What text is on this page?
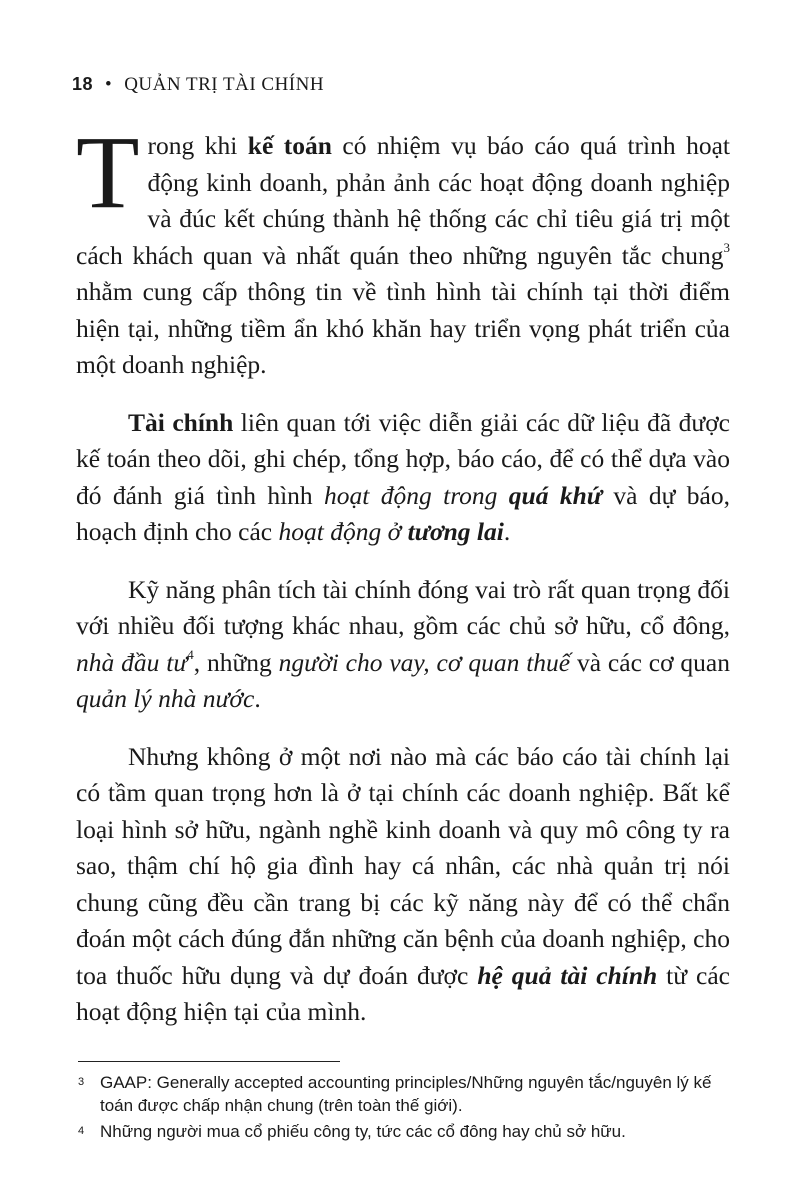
18 • QUẢN TRỊ TÀI CHÍNH

Trong khi kế toán có nhiệm vụ báo cáo quá trình hoạt động kinh doanh, phản ảnh các hoạt động doanh nghiệp và đúc kết chúng thành hệ thống các chỉ tiêu giá trị một cách khách quan và nhất quán theo những nguyên tắc chung$^3$ nhằm cung cấp thông tin về tình hình tài chính tại thời điểm hiện tại, những tiềm ẩn khó khăn hay triển vọng phát triển của một doanh nghiệp.

Tài chính liên quan tới việc diễn giải các dữ liệu đã được kế toán theo dõi, ghi chép, tổng hợp, báo cáo, để có thể dựa vào đó đánh giá tình hình hoạt động trong quá khứ và dự báo, hoạch định cho các hoạt động ở tương lai.

Kỹ năng phân tích tài chính đóng vai trò rất quan trọng đối với nhiều đối tượng khác nhau, gồm các chủ sở hữu, cổ đông, nhà đầu $tư^4$, những người cho vay, cơ quan thuế và các cơ quan quản lý nhà nước.

Nhưng không ở một nơi nào mà các báo cáo tài chính lại có tầm quan trọng hơn là ở tại chính các doanh nghiệp. Bất kể loại hình sở hữu, ngành nghề kinh doanh và quy mô công ty ra sao, thậm chí hộ gia đình hay cá nhân, các nhà quản trị nói chung cũng đều cần trang bị các kỹ năng này để có thể chẩn đoán một cách đúng đắn những căn bệnh của doanh nghiệp, cho toa thuốc hữu dụng và dự đoán được hệ quả tài chính từ các hoạt động hiện tại của mình.

3 GAAP: Generally accepted accounting principles/Những nguyên tắc/nguyên lý kế toán được chấp nhận chung (trên toàn thế giới).
4 Những người mua cổ phiếu công ty, tức các cổ đông hay chủ sở hữu.
